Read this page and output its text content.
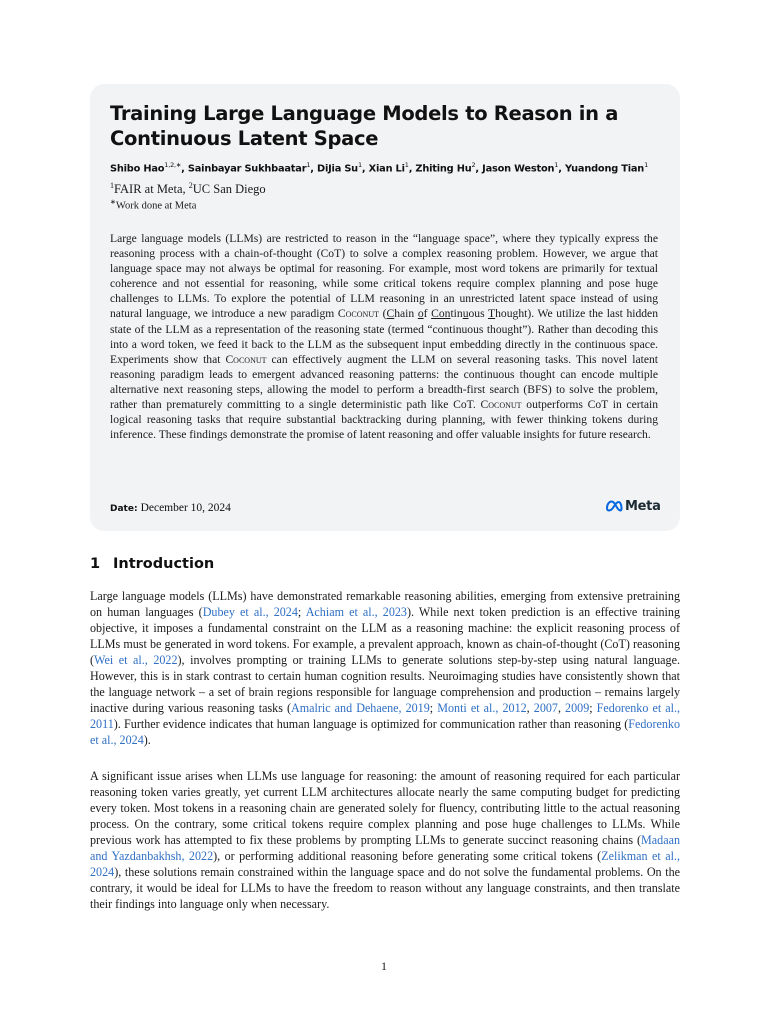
Training Large Language Models to Reason in a Continuous Latent Space
Shibo Hao$^{1,2,∗}$, Sainbayar Sukhbaatar$^1$, DiJia Su$^1$, Xian Li$^1$, Zhiting Hu$^2$, Jason Weston$^1$, Yuandong Tian$^1$
$^1$FAIR at Meta, $^2$UC San Diego
∗Work done at Meta

Large language models (LLMs) are restricted to reason in the “language space”, where they typically express the reasoning process with a chain-of-thought (CoT) to solve a complex reasoning problem. However, we argue that language space may not always be optimal for reasoning. For example, most word tokens are primarily for textual coherence and not essential for reasoning, while some critical tokens require complex planning and pose huge challenges to LLMs. To explore the potential of LLM reasoning in an unrestricted latent space instead of using natural language, we introduce a new paradigm Coconut (Chain of Continuous Thought). We utilize the last hidden state of the LLM as a representation of the reasoning state (termed “continuous thought”). Rather than decoding this into a word token, we feed it back to the LLM as the subsequent input embedding directly in the continuous space. Experiments show that Coconut can effectively augment the LLM on several reasoning tasks. This novel latent reasoning paradigm leads to emergent advanced reasoning patterns: the continuous thought can encode multiple alternative next reasoning steps, allowing the model to perform a breadth-first search (BFS) to solve the problem, rather than prematurely committing to a single deterministic path like CoT. Coconut outperforms CoT in certain logical reasoning tasks that require substantial backtracking during planning, with fewer thinking tokens during inference. These findings demonstrate the promise of latent reasoning and offer valuable insights for future research.

Date: December 10, 2024	Meta
1 Introduction

Large language models (LLMs) have demonstrated remarkable reasoning abilities, emerging from extensive pretraining on human languages (Dubey et al., 2024; Achiam et al., 2023). While next token prediction is an effective training objective, it imposes a fundamental constraint on the LLM as a reasoning machine: the explicit reasoning process of LLMs must be generated in word tokens. For example, a prevalent approach, known as chain-of-thought (CoT) reasoning (Wei et al., 2022), involves prompting or training LLMs to generate solutions step-by-step using natural language. However, this is in stark contrast to certain human cognition results. Neuroimaging studies have consistently shown that the language network – a set of brain regions responsible for language comprehension and production – remains largely inactive during various reasoning tasks (Amalric and Dehaene, 2019; Monti et al., 2012, 2007, 2009; Fedorenko et al., 2011). Further evidence indicates that human language is optimized for communication rather than reasoning (Fedorenko et al., 2024).

A significant issue arises when LLMs use language for reasoning: the amount of reasoning required for each particular reasoning token varies greatly, yet current LLM architectures allocate nearly the same computing budget for predicting every token. Most tokens in a reasoning chain are generated solely for fluency, contributing little to the actual reasoning process. On the contrary, some critical tokens require complex planning and pose huge challenges to LLMs. While previous work has attempted to fix these problems by prompting LLMs to generate succinct reasoning chains (Madaan and Yazdanbakhsh, 2022), or performing additional reasoning before generating some critical tokens (Zelikman et al., 2024), these solutions remain constrained within the language space and do not solve the fundamental problems. On the contrary, it would be ideal for LLMs to have the freedom to reason without any language constraints, and then translate their findings into language only when necessary.

1
